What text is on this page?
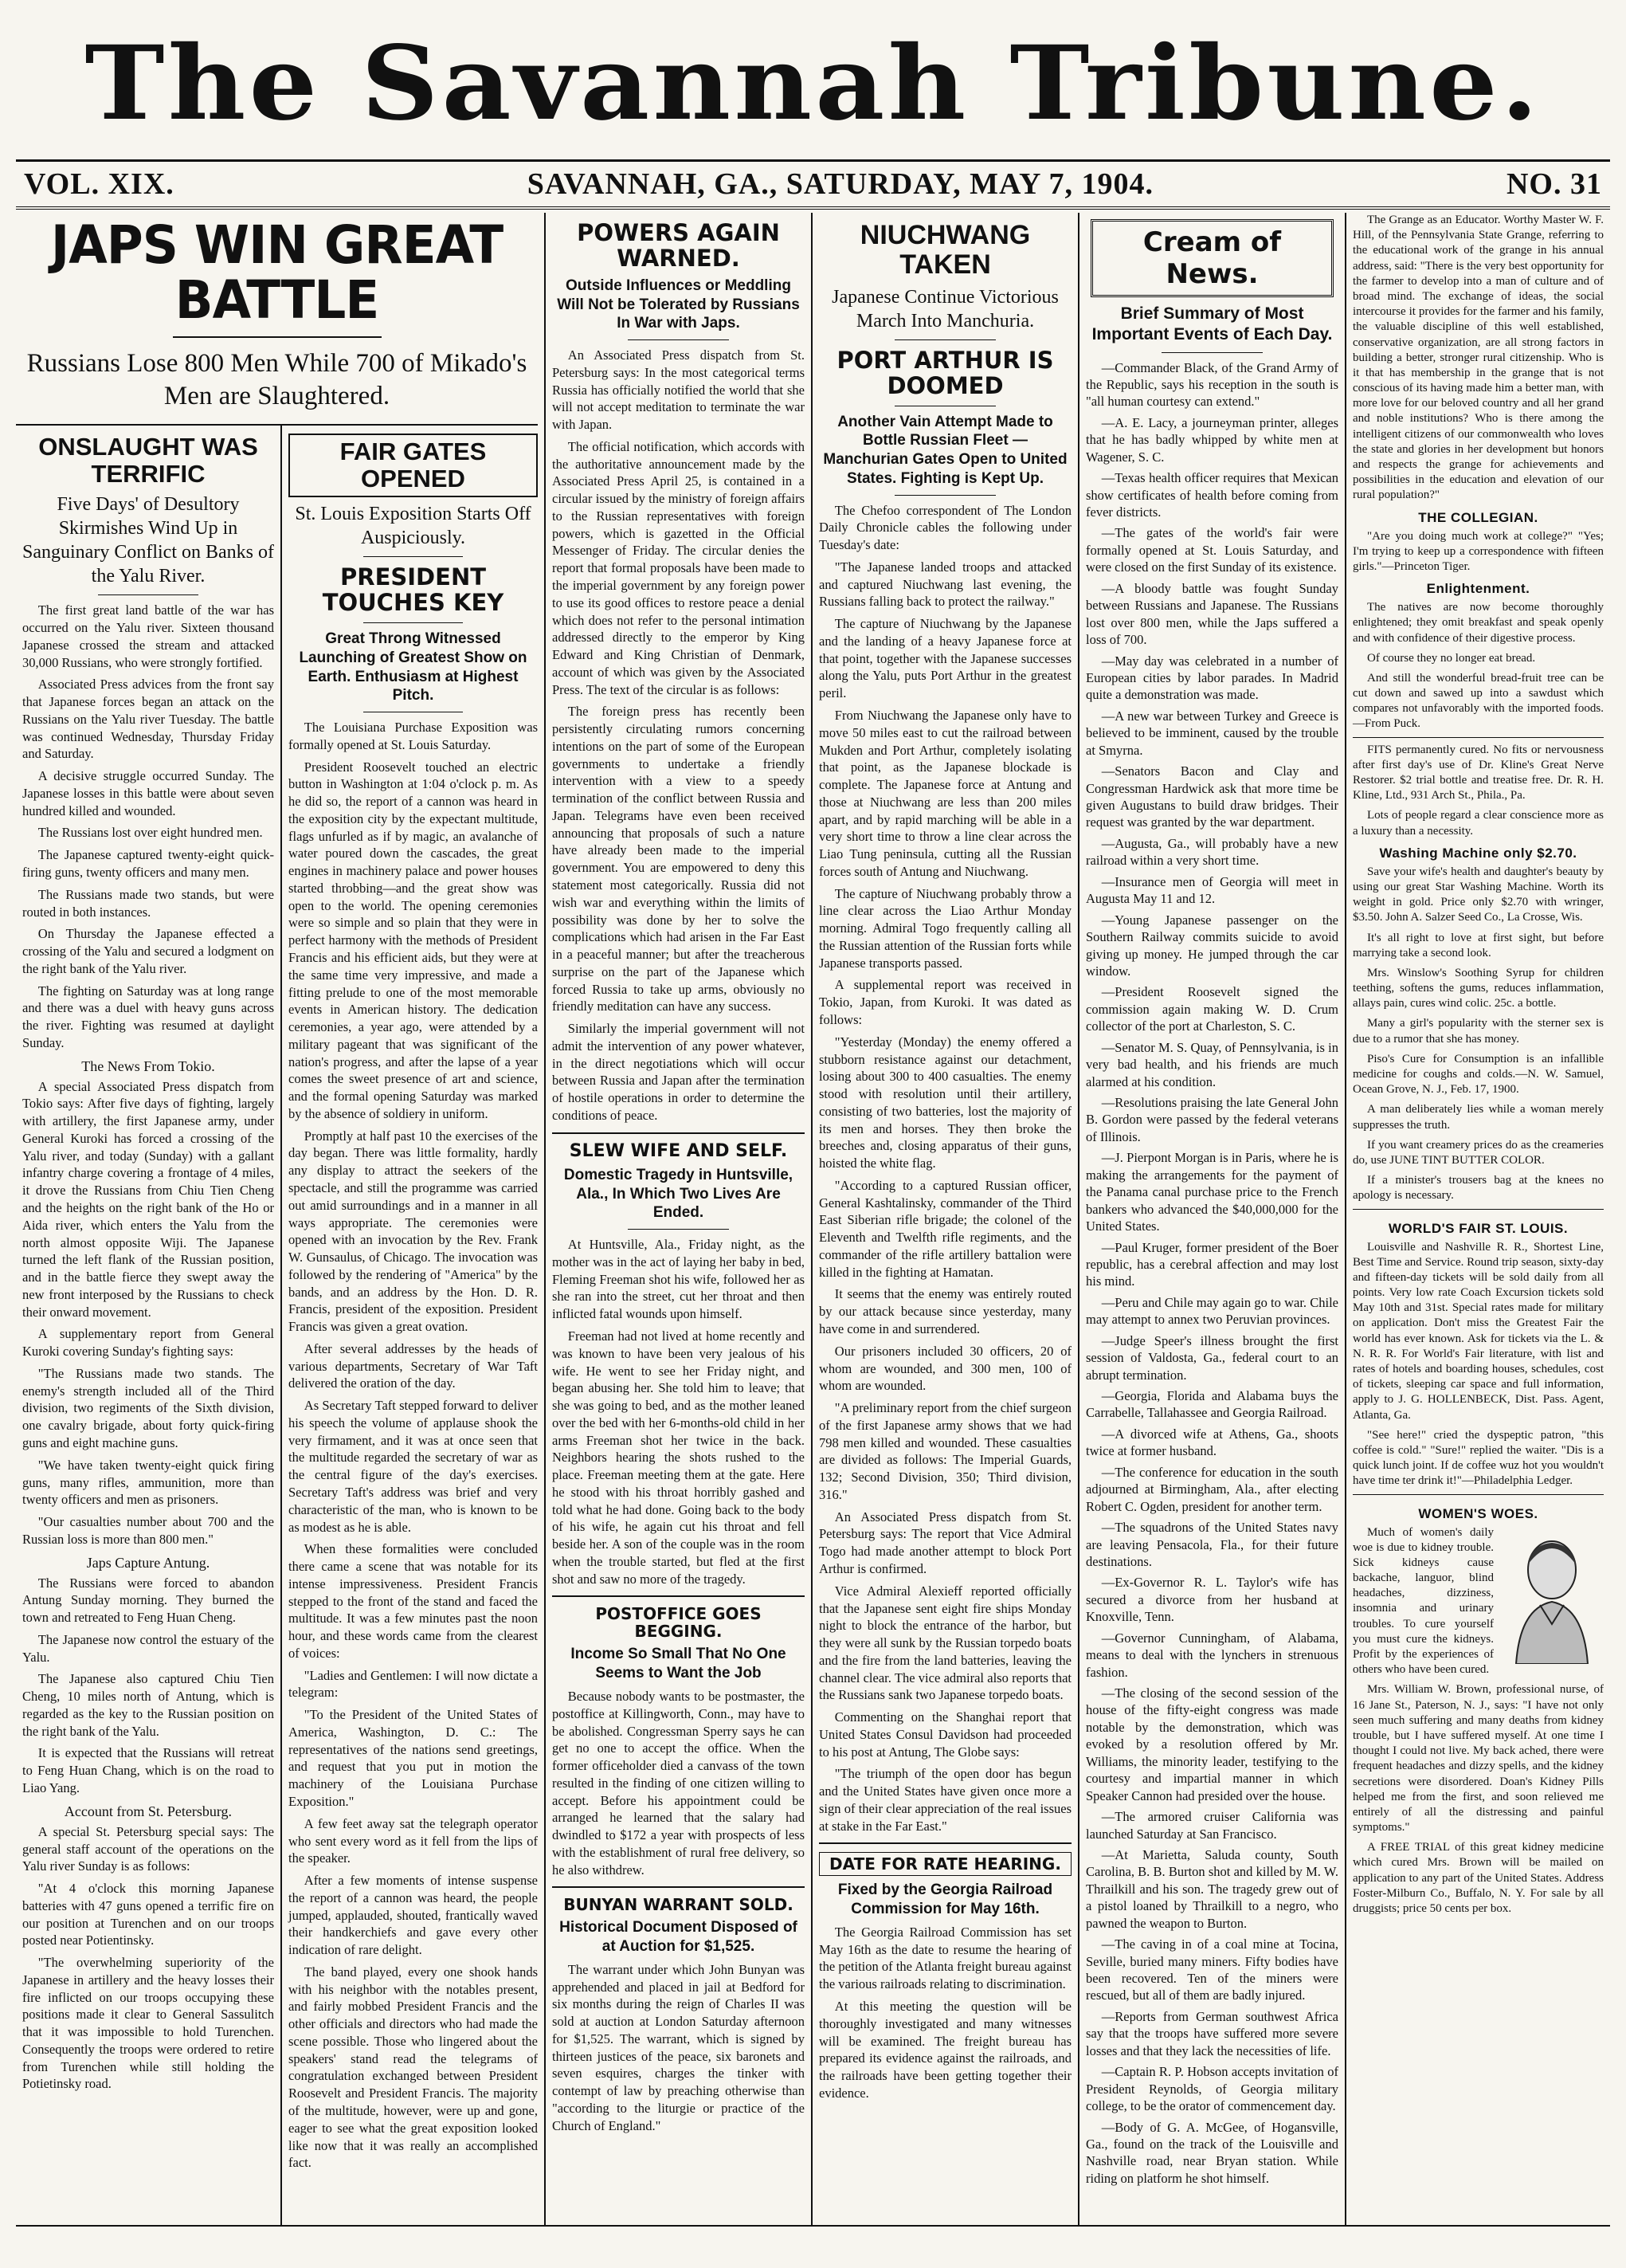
The Savannah Tribune.
VOL. XIX.	SAVANNAH, GA., SATURDAY, MAY 7, 1904.	NO. 31
JAPS WIN GREAT BATTLE
Russians Lose 800 Men While 700 of Mikado's Men are Slaughtered.
ONSLAUGHT WAS TERRIFIC
Five Days' of Desultory Skirmishes Wind Up in Sanguinary Conflict on Banks of the Yalu River.

The first great land battle of the war has occurred on the Yalu river. Sixteen thousand Japanese crossed the stream and attacked 30,000 Russians, who were strongly fortified.

Associated Press advices from the front say that Japanese forces began an attack on the Russians on the Yalu river Tuesday. The battle was continued Wednesday, Thursday Friday and Saturday.

A decisive struggle occurred Sunday. The Japanese losses in this battle were about seven hundred killed and wounded.

The Russians lost over eight hundred men.

The Japanese captured twenty-eight quick-firing guns, twenty officers and many men.

The Russians made two stands, but were routed in both instances.

On Thursday the Japanese effected a crossing of the Yalu and secured a lodgment on the right bank of the Yalu river.

The fighting on Saturday was at long range and there was a duel with heavy guns across the river. Fighting was resumed at daylight Sunday.

The News From Tokio.

A special Associated Press dispatch from Tokio says: After five days of fighting, largely with artillery, the first Japanese army, under General Kuroki has forced a crossing of the Yalu river, and today (Sunday) with a gallant infantry charge covering a frontage of 4 miles, it drove the Russians from Chiu Tien Cheng and the heights on the right bank of the Ho or Aida river, which enters the Yalu from the north almost opposite Wiji. The Japanese turned the left flank of the Russian position, and in the battle fierce they swept away the new front interposed by the Russians to check their onward movement.

A supplementary report from General Kuroki covering Sunday's fighting says:

"The Russians made two stands. The enemy's strength included all of the Third division, two regiments of the Sixth division, one cavalry brigade, about forty quick-firing guns and eight machine guns.

"We have taken twenty-eight quick firing guns, many rifles, ammunition, more than twenty officers and men as prisoners.

"Our casualties number about 700 and the Russian loss is more than 800 men."

Japs Capture Antung.

The Russians were forced to abandon Antung Sunday morning. They burned the town and retreated to Feng Huan Cheng.

The Japanese now control the estuary of the Yalu.

The Japanese also captured Chiu Tien Cheng, 10 miles north of Antung, which is regarded as the key to the Russian position on the right bank of the Yalu.

It is expected that the Russians will retreat to Feng Huan Chang, which is on the road to Liao Yang.

Account from St. Petersburg.

A special St. Petersburg special says: The general staff account of the operations on the Yalu river Sunday is as follows:

"At 4 o'clock this morning Japanese batteries with 47 guns opened a terrific fire on our position at Turenchen and on our troops posted near Potientinsky.

"The overwhelming superiority of the Japanese in artillery and the heavy losses their fire inflicted on our troops occupying these positions made it clear to General Sassulitch that it was impossible to hold Turenchen. Consequently the troops were ordered to retire from Turenchen while still holding the Potietinsky road.

FAIR GATES OPENED
St. Louis Exposition Starts Off Auspiciously.
PRESIDENT TOUCHES KEY
Great Throng Witnessed Launching of Greatest Show on Earth. Enthusiasm at Highest Pitch.

The Louisiana Purchase Exposition was formally opened at St. Louis Saturday.

President Roosevelt touched an electric button in Washington at 1:04 o'clock p. m. As he did so, the report of a cannon was heard in the exposition city by the expectant multitude, flags unfurled as if by magic, an avalanche of water poured down the cascades, the great engines in machinery palace and power houses started throbbing—and the great show was open to the world. The opening ceremonies were so simple and so plain that they were in perfect harmony with the methods of President Francis and his efficient aids, but they were at the same time very impressive, and made a fitting prelude to one of the most memorable events in American history. The dedication ceremonies, a year ago, were attended by a military pageant that was significant of the nation's progress, and after the lapse of a year comes the sweet presence of art and science, and the formal opening Saturday was marked by the absence of soldiery in uniform.

Promptly at half past 10 the exercises of the day began. There was little formality, hardly any display to attract the seekers of the spectacle, and still the programme was carried out amid surroundings and in a manner in all ways appropriate. The ceremonies were opened with an invocation by the Rev. Frank W. Gunsaulus, of Chicago. The invocation was followed by the rendering of "America" by the bands, and an address by the Hon. D. R. Francis, president of the exposition. President Francis was given a great ovation.

After several addresses by the heads of various departments, Secretary of War Taft delivered the oration of the day.

As Secretary Taft stepped forward to deliver his speech the volume of applause shook the very firmament, and it was at once seen that the multitude regarded the secretary of war as the central figure of the day's exercises. Secretary Taft's address was brief and very characteristic of the man, who is known to be as modest as he is able.

When these formalities were concluded there came a scene that was notable for its intense impressiveness. President Francis stepped to the front of the stand and faced the multitude. It was a few minutes past the noon hour, and these words came from the clearest of voices:

"Ladies and Gentlemen: I will now dictate a telegram:

"To the President of the United States of America, Washington, D. C.: The representatives of the nations send greetings, and request that you put in motion the machinery of the Louisiana Purchase Exposition."

A few feet away sat the telegraph operator who sent every word as it fell from the lips of the speaker.

After a few moments of intense suspense the report of a cannon was heard, the people jumped, applauded, shouted, frantically waved their handkerchiefs and gave every other indication of rare delight.

The band played, every one shook hands with his neighbor with the notables present, and fairly mobbed President Francis and the other officials and directors who had made the scene possible. Those who lingered about the speakers' stand read the telegrams of congratulation exchanged between President Roosevelt and President Francis. The majority of the multitude, however, were up and gone, eager to see what the great exposition looked like now that it was really an accomplished fact.

POWERS AGAIN WARNED.
Outside Influences or Meddling Will Not be Tolerated by Russians In War with Japs.

An Associated Press dispatch from St. Petersburg says: In the most categorical terms Russia has officially notified the world that she will not accept meditation to terminate the war with Japan.

The official notification, which accords with the authoritative announcement made by the Associated Press April 25, is contained in a circular issued by the ministry of foreign affairs to the Russian representatives with foreign powers, which is gazetted in the Official Messenger of Friday. The circular denies the report that formal proposals have been made to the imperial government by any foreign power to use its good offices to restore peace a denial which does not refer to the personal intimation addressed directly to the emperor by King Edward and King Christian of Denmark, account of which was given by the Associated Press. The text of the circular is as follows:

The foreign press has recently been persistently circulating rumors concerning intentions on the part of some of the European governments to undertake a friendly intervention with a view to a speedy termination of the conflict between Russia and Japan. Telegrams have even been received announcing that proposals of such a nature have already been made to the imperial government. You are empowered to deny this statement most categorically. Russia did not wish war and everything within the limits of possibility was done by her to solve the complications which had arisen in the Far East in a peaceful manner; but after the treacherous surprise on the part of the Japanese which forced Russia to take up arms, obviously no friendly meditation can have any success.

Similarly the imperial government will not admit the intervention of any power whatever, in the direct negotiations which will occur between Russia and Japan after the termination of hostile operations in order to determine the conditions of peace.

SLEW WIFE AND SELF.
Domestic Tragedy in Huntsville, Ala., In Which Two Lives Are Ended.

At Huntsville, Ala., Friday night, as the mother was in the act of laying her baby in bed, Fleming Freeman shot his wife, followed her as she ran into the street, cut her throat and then inflicted fatal wounds upon himself.

Freeman had not lived at home recently and was known to have been very jealous of his wife. He went to see her Friday night, and began abusing her. She told him to leave; that she was going to bed, and as the mother leaned over the bed with her 6-months-old child in her arms Freeman shot her twice in the back. Neighbors hearing the shots rushed to the place. Freeman meeting them at the gate. Here he stood with his throat horribly gashed and told what he had done. Going back to the body of his wife, he again cut his throat and fell beside her. A son of the couple was in the room when the trouble started, but fled at the first shot and saw no more of the tragedy.

POSTOFFICE GOES BEGGING.
Income So Small That No One Seems to Want the Job

Because nobody wants to be postmaster, the postoffice at Killingworth, Conn., may have to be abolished. Congressman Sperry says he can get no one to accept the office. When the former officeholder died a canvass of the town resulted in the finding of one citizen willing to accept. Before his appointment could be arranged he learned that the salary had dwindled to $172 a year with prospects of less with the establishment of rural free delivery, so he also withdrew.

BUNYAN WARRANT SOLD.
Historical Document Disposed of at Auction for $1,525.

The warrant under which John Bunyan was apprehended and placed in jail at Bedford for six months during the reign of Charles II was sold at auction at London Saturday afternoon for $1,525. The warrant, which is signed by thirteen justices of the peace, six baronets and seven esquires, charges the tinker with contempt of law by preaching otherwise than "according to the liturgie or practice of the Church of England."

NIUCHWANG TAKEN
Japanese Continue Victorious March Into Manchuria.
PORT ARTHUR IS DOOMED
Another Vain Attempt Made to Bottle Russian Fleet — Manchurian Gates Open to United States. Fighting is Kept Up.

The Chefoo correspondent of The London Daily Chronicle cables the following under Tuesday's date:

"The Japanese landed troops and attacked and captured Niuchwang last evening, the Russians falling back to protect the railway."

The capture of Niuchwang by the Japanese and the landing of a heavy Japanese force at that point, together with the Japanese successes along the Yalu, puts Port Arthur in the greatest peril.

From Niuchwang the Japanese only have to move 50 miles east to cut the railroad between Mukden and Port Arthur, completely isolating that point, as the Japanese blockade is complete. The Japanese force at Antung and those at Niuchwang are less than 200 miles apart, and by rapid marching will be able in a very short time to throw a line clear across the Liao Tung peninsula, cutting all the Russian forces south of Antung and Niuchwang.

The capture of Niuchwang probably throw a line clear across the Liao Arthur Monday morning. Admiral Togo frequently calling all the Russian attention of the Russian forts while Japanese transports passed.

A supplemental report was received in Tokio, Japan, from Kuroki. It was dated as follows:

"Yesterday (Monday) the enemy offered a stubborn resistance against our detachment, losing about 300 to 400 casualties. The enemy stood with resolution until their artillery, consisting of two batteries, lost the majority of its men and horses. They then broke the breeches and, closing apparatus of their guns, hoisted the white flag.

"According to a captured Russian officer, General Kashtalinsky, commander of the Third East Siberian rifle brigade; the colonel of the Eleventh and Twelfth rifle regiments, and the commander of the rifle artillery battalion were killed in the fighting at Hamatan.

It seems that the enemy was entirely routed by our attack because since yesterday, many have come in and surrendered.

Our prisoners included 30 officers, 20 of whom are wounded, and 300 men, 100 of whom are wounded.

"A preliminary report from the chief surgeon of the first Japanese army shows that we had 798 men killed and wounded. These casualties are divided as follows: The Imperial Guards, 132; Second Division, 350; Third division, 316."

An Associated Press dispatch from St. Petersburg says: The report that Vice Admiral Togo had made another attempt to block Port Arthur is confirmed.

Vice Admiral Alexieff reported officially that the Japanese sent eight fire ships Monday night to block the entrance of the harbor, but they were all sunk by the Russian torpedo boats and the fire from the land batteries, leaving the channel clear. The vice admiral also reports that the Russians sank two Japanese torpedo boats.

Commenting on the Shanghai report that United States Consul Davidson had proceeded to his post at Antung, The Globe says:

"The triumph of the open door has begun and the United States have given once more a sign of their clear appreciation of the real issues at stake in the Far East."

DATE FOR RATE HEARING.
Fixed by the Georgia Railroad Commission for May 16th.

The Georgia Railroad Commission has set May 16th as the date to resume the hearing of the petition of the Atlanta freight bureau against the various railroads relating to discrimination.

At this meeting the question will be thoroughly investigated and many witnesses will be examined. The freight bureau has prepared its evidence against the railroads, and the railroads have been getting together their evidence.

Cream of News.
Brief Summary of Most Important Events of Each Day.

—Commander Black, of the Grand Army of the Republic, says his reception in the south is "all human courtesy can extend."

—A. E. Lacy, a journeyman printer, alleges that he has badly whipped by white men at Wagener, S. C.

—Texas health officer requires that Mexican show certificates of health before coming from fever districts.

—The gates of the world's fair were formally opened at St. Louis Saturday, and were closed on the first Sunday of its existence.

—A bloody battle was fought Sunday between Russians and Japanese. The Russians lost over 800 men, while the Japs suffered a loss of 700.

—May day was celebrated in a number of European cities by labor parades. In Madrid quite a demonstration was made.

—A new war between Turkey and Greece is believed to be imminent, caused by the trouble at Smyrna.

—Senators Bacon and Clay and Congressman Hardwick ask that more time be given Augustans to build draw bridges. Their request was granted by the war department.

—Augusta, Ga., will probably have a new railroad within a very short time.

—Insurance men of Georgia will meet in Augusta May 11 and 12.

—Young Japanese passenger on the Southern Railway commits suicide to avoid giving up money. He jumped through the car window.

—President Roosevelt signed the commission again making W. D. Crum collector of the port at Charleston, S. C.

—Senator M. S. Quay, of Pennsylvania, is in very bad health, and his friends are much alarmed at his condition.

—Resolutions praising the late General John B. Gordon were passed by the federal veterans of Illinois.

—J. Pierpont Morgan is in Paris, where he is making the arrangements for the payment of the Panama canal purchase price to the French bankers who advanced the $40,000,000 for the United States.

—Paul Kruger, former president of the Boer republic, has a cerebral affection and may lost his mind.

—Peru and Chile may again go to war. Chile may attempt to annex two Peruvian provinces.

—Judge Speer's illness brought the first session of Valdosta, Ga., federal court to an abrupt termination.

—Georgia, Florida and Alabama buys the Carrabelle, Tallahassee and Georgia Railroad.

—A divorced wife at Athens, Ga., shoots twice at former husband.

—The conference for education in the south adjourned at Birmingham, Ala., after electing Robert C. Ogden, president for another term.

—The squadrons of the United States navy are leaving Pensacola, Fla., for their future destinations.

—Ex-Governor R. L. Taylor's wife has secured a divorce from her husband at Knoxville, Tenn.

—Governor Cunningham, of Alabama, means to deal with the lynchers in strenuous fashion.

—The closing of the second session of the house of the fifty-eight congress was made notable by the demonstration, which was evoked by a resolution offered by Mr. Williams, the minority leader, testifying to the courtesy and impartial manner in which Speaker Cannon had presided over the house.

—The armored cruiser California was launched Saturday at San Francisco.

—At Marietta, Saluda county, South Carolina, B. B. Burton shot and killed by M. W. Thrailkill and his son. The tragedy grew out of a pistol loaned by Thrailkill to a negro, who pawned the weapon to Burton.

—The caving in of a coal mine at Tocina, Seville, buried many miners. Fifty bodies have been recovered. Ten of the miners were rescued, but all of them are badly injured.

—Reports from German southwest Africa say that the troops have suffered more severe losses and that they lack the necessities of life.

—Captain R. P. Hobson accepts invitation of President Reynolds, of Georgia military college, to be the orator of commencement day.

—Body of G. A. McGee, of Hogansville, Ga., found on the track of the Louisville and Nashville road, near Bryan station. While riding on platform he shot himself.

The Grange as an Educator. Worthy Master W. F. Hill, of the Pennsylvania State Grange, referring to the educational work of the grange in his annual address, said: "There is the very best opportunity for the farmer to develop into a man of culture and of broad mind. The exchange of ideas, the social intercourse it provides for the farmer and his family, the valuable discipline of this well established, conservative organization, are all strong factors in building a better, stronger rural citizenship. Who is it that has membership in the grange that is not conscious of its having made him a better man, with more love for our beloved country and all her grand and noble institutions? Who is there among the intelligent citizens of our commonwealth who loves the state and glories in her development but honors and respects the grange for achievements and possibilities in the education and elevation of our rural population?"

THE COLLEGIAN.

"Are you doing much work at college?" "Yes; I'm trying to keep up a correspondence with fifteen girls."—Princeton Tiger.

Enlightenment.

The natives are now become thoroughly enlightened; they omit breakfast and speak openly and with confidence of their digestive process.

Of course they no longer eat bread.

And still the wonderful bread-fruit tree can be cut down and sawed up into a sawdust which compares not unfavorably with the imported foods.—From Puck.

FITS permanently cured. No fits or nervousness after first day's use of Dr. Kline's Great Nerve Restorer. $2 trial bottle and treatise free. Dr. R. H. Kline, Ltd., 931 Arch St., Phila., Pa.

Lots of people regard a clear conscience more as a luxury than a necessity.

Washing Machine only $2.70.

Save your wife's health and daughter's beauty by using our great Star Washing Machine. Worth its weight in gold. Price only $2.70 with wringer, $3.50. John A. Salzer Seed Co., La Crosse, Wis.

It's all right to love at first sight, but before marrying take a second look.

Mrs. Winslow's Soothing Syrup for children teething, softens the gums, reduces inflammation, allays pain, cures wind colic. 25c. a bottle.

Many a girl's popularity with the sterner sex is due to a rumor that she has money.

Piso's Cure for Consumption is an infallible medicine for coughs and colds.—N. W. Samuel, Ocean Grove, N. J., Feb. 17, 1900.

A man deliberately lies while a woman merely suppresses the truth.

If you want creamery prices do as the creameries do, use JUNE TINT BUTTER COLOR.

If a minister's trousers bag at the knees no apology is necessary.

WORLD'S FAIR ST. LOUIS.

Louisville and Nashville R. R., Shortest Line, Best Time and Service. Round trip season, sixty-day and fifteen-day tickets will be sold daily from all points. Very low rate Coach Excursion tickets sold May 10th and 31st. Special rates made for military on application. Don't miss the Greatest Fair the world has ever known. Ask for tickets via the L. & N. R. R. For World's Fair literature, with list and rates of hotels and boarding houses, schedules, cost of tickets, sleeping car space and full information, apply to J. G. HOLLENBECK, Dist. Pass. Agent, Atlanta, Ga.

"See here!" cried the dyspeptic patron, "this coffee is cold." "Sure!" replied the waiter. "Dis is a quick lunch joint. If de coffee wuz hot you wouldn't have time ter drink it!"—Philadelphia Ledger.

WOMEN'S WOES.

Much of women's daily woe is due to kidney trouble. Sick kidneys cause backache, languor, blind headaches, dizziness, insomnia and urinary troubles. To cure yourself you must cure the kidneys. Profit by the experiences of others who have been cured.

Mrs. William W. Brown, professional nurse, of 16 Jane St., Paterson, N. J., says: "I have not only seen much suffering and many deaths from kidney trouble, but I have suffered myself. At one time I thought I could not live. My back ached, there were frequent headaches and dizzy spells, and the kidney secretions were disordered. Doan's Kidney Pills helped me from the first, and soon relieved me entirely of all the distressing and painful symptoms."

A FREE TRIAL of this great kidney medicine which cured Mrs. Brown will be mailed on application to any part of the United States. Address Foster-Milburn Co., Buffalo, N. Y. For sale by all druggists; price 50 cents per box.
